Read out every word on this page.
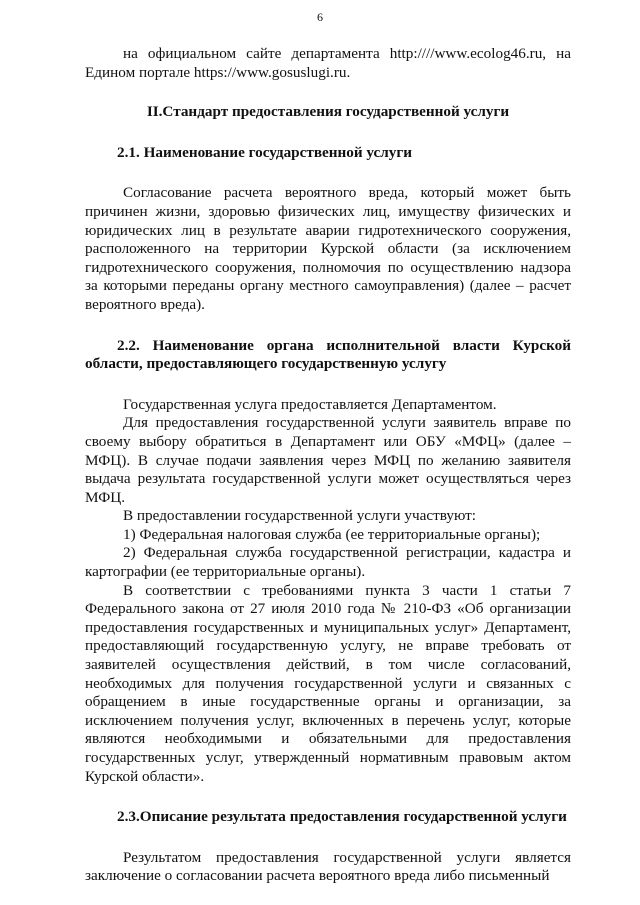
6

на официальном сайте департамента http:////www.ecolog46.ru, на Едином портале https://www.gosuslugi.ru.

II.Стандарт предоставления государственной услуги
2.1. Наименование государственной услуги

Согласование расчета вероятного вреда, который может быть причинен жизни, здоровью физических лиц, имуществу физических и юридических лиц в результате аварии гидротехнического сооружения, расположенного на территории Курской области (за исключением гидротехнического сооружения, полномочия по осуществлению надзора за которыми переданы органу местного самоуправления) (далее – расчет вероятного вреда).

2.2. Наименование органа исполнительной власти Курской области, предоставляющего государственную услугу

Государственная услуга предоставляется Департаментом.

Для предоставления государственной услуги заявитель вправе по своему выбору обратиться в Департамент или ОБУ «МФЦ» (далее – МФЦ). В случае подачи заявления через МФЦ по желанию заявителя выдача результата государственной услуги может осуществляться через МФЦ.

В предоставлении государственной услуги участвуют:

1) Федеральная налоговая служба (ее территориальные органы);

2) Федеральная служба государственной регистрации, кадастра и картографии (ее территориальные органы).

В соответствии с требованиями пункта 3 части 1 статьи 7 Федерального закона от 27 июля 2010 года № 210-ФЗ «Об организации предоставления государственных и муниципальных услуг» Департамент, предоставляющий государственную услугу, не вправе требовать от заявителей осуществления действий, в том числе согласований, необходимых для получения государственной услуги и связанных с обращением в иные государственные органы и организации, за исключением получения услуг, включенных в перечень услуг, которые являются необходимыми и обязательными для предоставления государственных услуг, утвержденный нормативным правовым актом Курской области».

2.3.Описание результата предоставления государственной услуги

Результатом предоставления государственной услуги является заключение о согласовании расчета вероятного вреда либо письменный
